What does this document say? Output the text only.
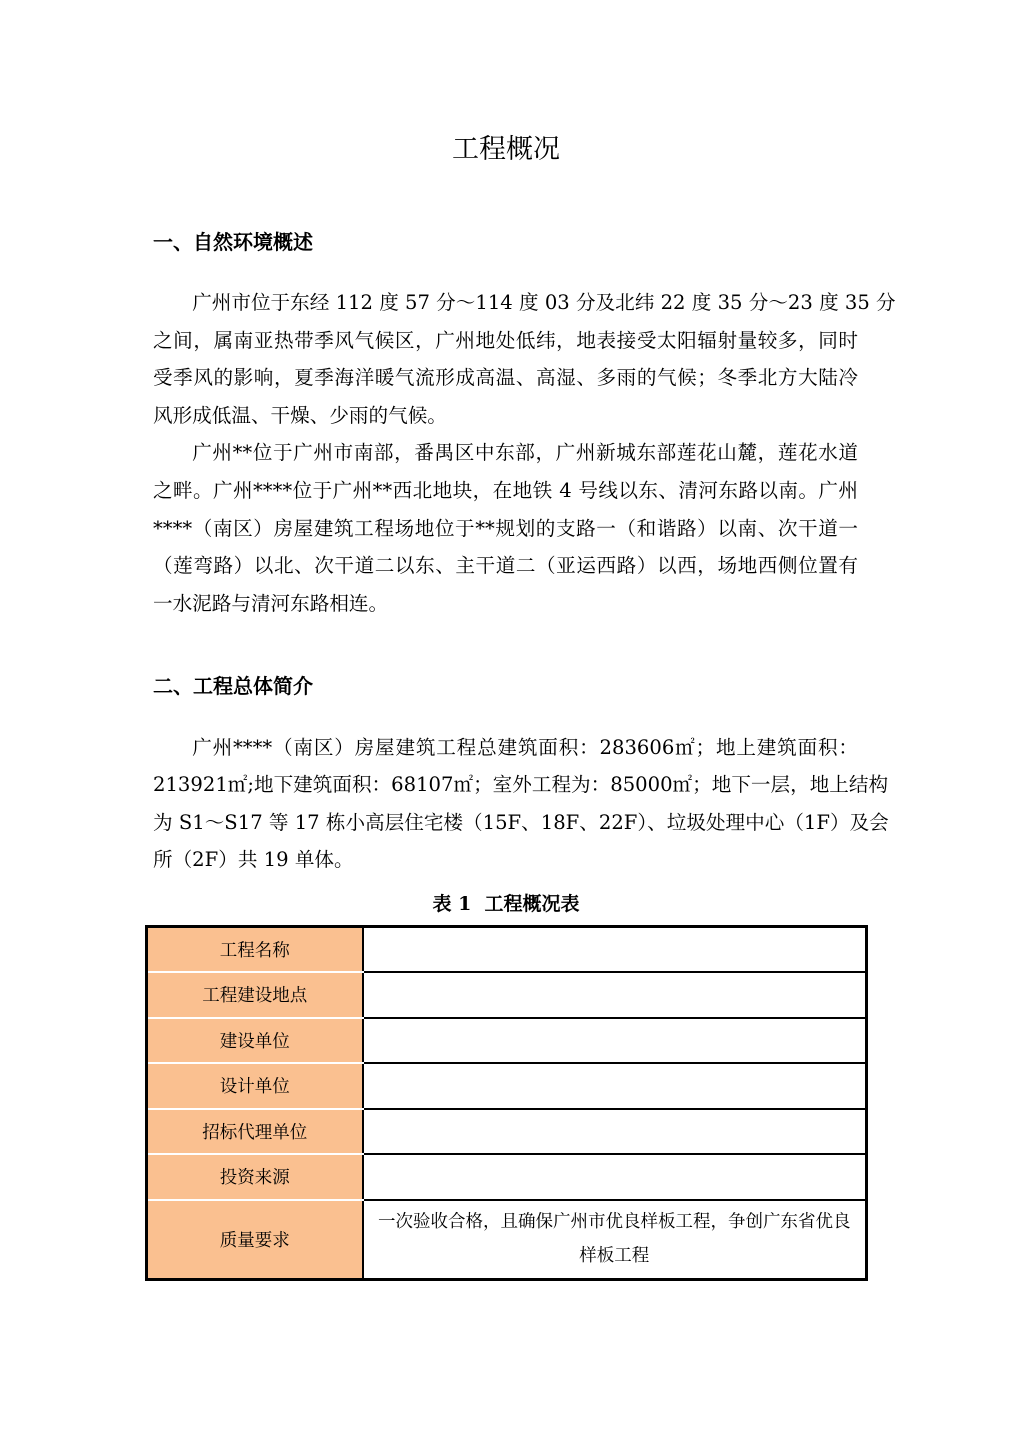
工程概况
一、自然环境概述
广州市位于东经 112 度 57 分～114 度 03 分及北纬 22 度 35 分～23 度 35 分
之间，属南亚热带季风气候区，广州地处低纬，地表接受太阳辐射量较多，同时
受季风的影响，夏季海洋暖气流形成高温、高湿、多雨的气候；冬季北方大陆冷
风形成低温、干燥、少雨的气候。
广州**位于广州市南部，番禺区中东部，广州新城东部莲花山麓，莲花水道
之畔。广州****位于广州**西北地块，在地铁 4 号线以东、清河东路以南。广州
****（南区）房屋建筑工程场地位于**规划的支路一（和谐路）以南、次干道一
（莲弯路）以北、次干道二以东、主干道二（亚运西路）以西，场地西侧位置有
一水泥路与清河东路相连。
二、工程总体简介
广州****（南区）房屋建筑工程总建筑面积：283606㎡；地上建筑面积：
213921㎡;地下建筑面积：68107㎡；室外工程为：85000㎡；地下一层，地上结构
为 S1～S17 等 17 栋小高层住宅楼（15F、18F、22F）、垃圾处理中心（1F）及会
所（2F）共 19 单体。
表 1  工程概况表
工程名称	
工程建设地点	
建设单位	
设计单位	
招标代理单位	
投资来源	
质量要求	一次验收合格，且确保广州市优良样板工程，争创广东省优良样板工程
